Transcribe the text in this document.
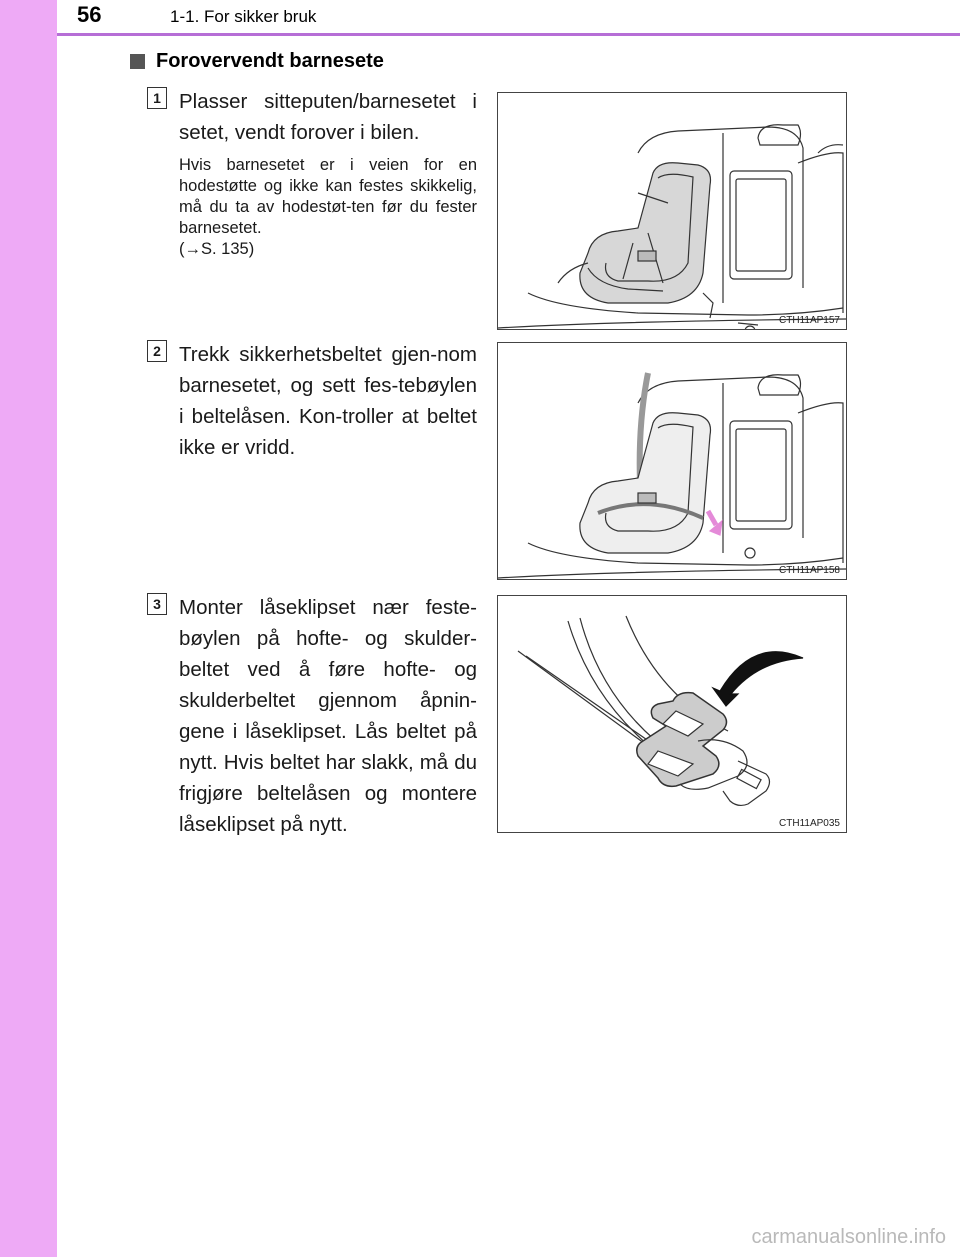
56	1-1. For sikker bruk
Forovervendt barnesete
1 Plasser sitteputen/barnesetet i setet, vendt forover i bilen.
Hvis barnesetet er i veien for en hodestøtte og ikke kan festes skikkelig, må du ta av hodestøt-ten før du fester barnesetet.
(→S. 135)
CTH11AP157
2 Trekk sikkerhetsbeltet gjen-nom barnesetet, og sett fes-tebøylen i beltelåsen. Kon-troller at beltet ikke er vridd.
CTH11AP158
3 Monter låseklipset nær feste-bøylen på hofte- og skulder-beltet ved å føre hofte- og skulderbeltet gjennom åpnin-gene i låseklipset. Lås beltet på nytt. Hvis beltet har slakk, må du frigjøre beltelåsen og montere låseklipset på nytt.	CTH11AP035
carmanualsonline.info
